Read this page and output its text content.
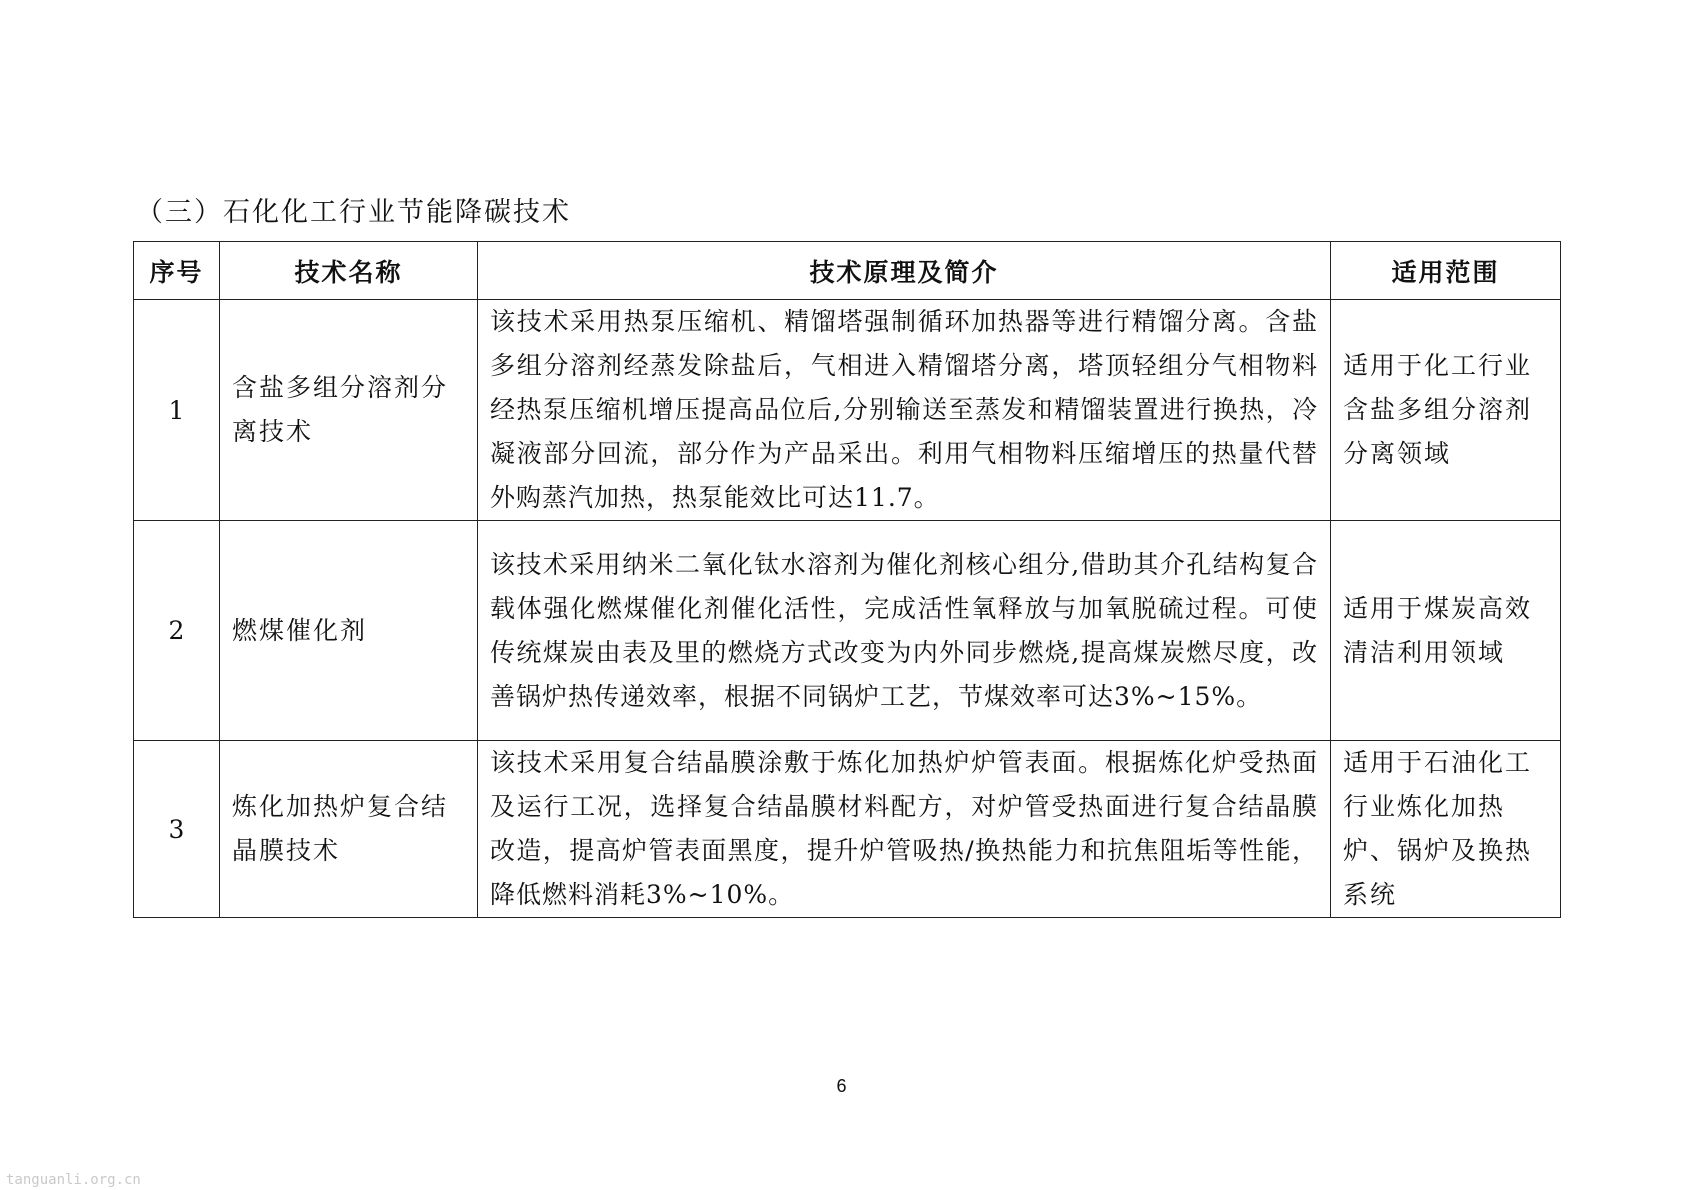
（三）石化化工行业节能降碳技术
序号	技术名称	技术原理及简介	适用范围
1	含盐多组分溶剂分离技术	该技术采用热泵压缩机、精馏塔强制循环加热器等进行精馏分离。含盐多组分溶剂经蒸发除盐后，气相进入精馏塔分离，塔顶轻组分气相物料经热泵压缩机增压提高品位后,分别输送至蒸发和精馏装置进行换热，冷凝液部分回流，部分作为产品采出。利用气相物料压缩增压的热量代替外购蒸汽加热，热泵能效比可达11.7。	适用于化工行业含盐多组分溶剂分离领域
2	燃煤催化剂	该技术采用纳米二氧化钛水溶剂为催化剂核心组分,借助其介孔结构复合载体强化燃煤催化剂催化活性，完成活性氧释放与加氧脱硫过程。可使传统煤炭由表及里的燃烧方式改变为内外同步燃烧,提高煤炭燃尽度，改善锅炉热传递效率，根据不同锅炉工艺，节煤效率可达3%~15%。	适用于煤炭高效清洁利用领域
3	炼化加热炉复合结晶膜技术	该技术采用复合结晶膜涂敷于炼化加热炉炉管表面。根据炼化炉受热面及运行工况，选择复合结晶膜材料配方，对炉管受热面进行复合结晶膜改造，提高炉管表面黑度，提升炉管吸热/换热能力和抗焦阻垢等性能，降低燃料消耗3%~10%。	适用于石油化工行业炼化加热炉、锅炉及换热系统
6
tanguanli.org.cn
